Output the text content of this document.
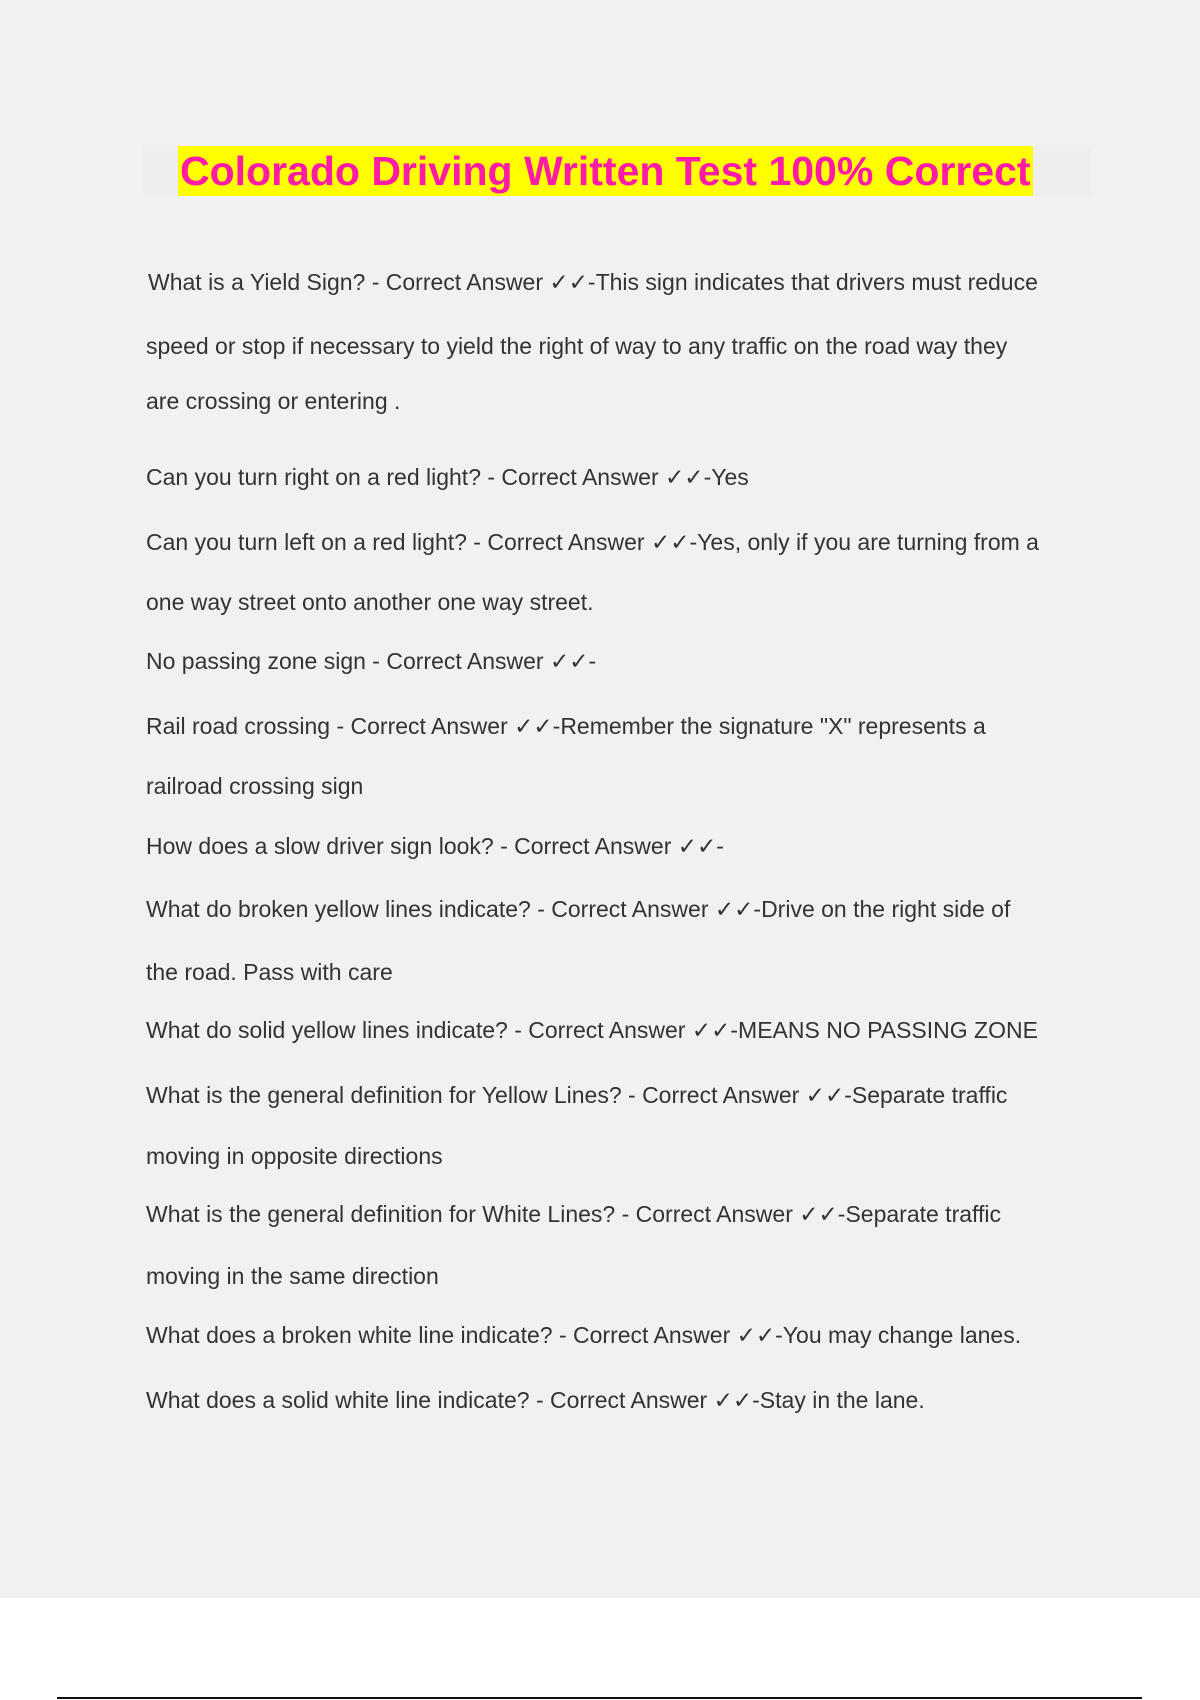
Colorado Driving Written Test 100% Correct

What is a Yield Sign? - Correct Answer ✓✓-This sign indicates that drivers must reduce

speed or stop if necessary to yield the right of way to any traffic on the road way they

are crossing or entering .

Can you turn right on a red light? - Correct Answer ✓✓-Yes

Can you turn left on a red light? - Correct Answer ✓✓-Yes, only if you are turning from a

one way street onto another one way street.

No passing zone sign - Correct Answer ✓✓-

Rail road crossing - Correct Answer ✓✓-Remember the signature "X" represents a

railroad crossing sign

How does a slow driver sign look? - Correct Answer ✓✓-

What do broken yellow lines indicate? - Correct Answer ✓✓-Drive on the right side of

the road. Pass with care

What do solid yellow lines indicate? - Correct Answer ✓✓-MEANS NO PASSING ZONE

What is the general definition for Yellow Lines? - Correct Answer ✓✓-Separate traffic

moving in opposite directions

What is the general definition for White Lines? - Correct Answer ✓✓-Separate traffic

moving in the same direction

What does a broken white line indicate? - Correct Answer ✓✓-You may change lanes.

What does a solid white line indicate? - Correct Answer ✓✓-Stay in the lane.
